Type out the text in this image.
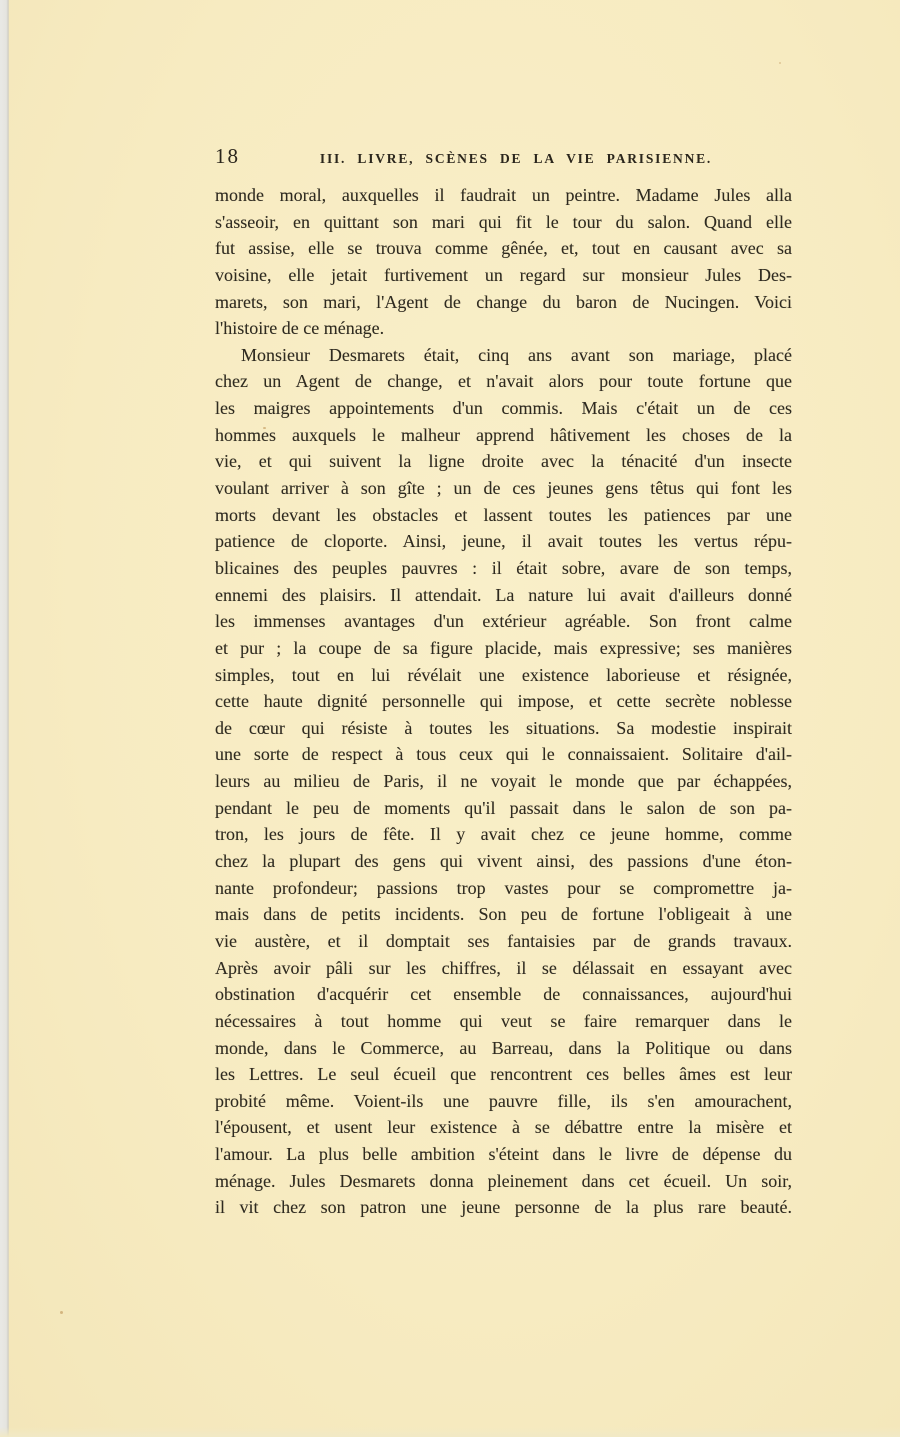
18	III. LIVRE, SCÈNES DE LA VIE PARISIENNE.
monde moral, auxquelles il faudrait un peintre. Madame Jules alla
s'asseoir, en quittant son mari qui fit le tour du salon. Quand elle
fut assise, elle se trouva comme gênée, et, tout en causant avec sa
voisine, elle jetait furtivement un regard sur monsieur Jules Des-
marets, son mari, l'Agent de change du baron de Nucingen. Voici
l'histoire de ce ménage.
Monsieur Desmarets était, cinq ans avant son mariage, placé
chez un Agent de change, et n'avait alors pour toute fortune que
les maigres appointements d'un commis. Mais c'était un de ces
hommes auxquels le malheur apprend hâtivement les choses de la
vie, et qui suivent la ligne droite avec la ténacité d'un insecte
voulant arriver à son gîte ; un de ces jeunes gens têtus qui font les
morts devant les obstacles et lassent toutes les patiences par une
patience de cloporte. Ainsi, jeune, il avait toutes les vertus répu-
blicaines des peuples pauvres : il était sobre, avare de son temps,
ennemi des plaisirs. Il attendait. La nature lui avait d'ailleurs donné
les immenses avantages d'un extérieur agréable. Son front calme
et pur ; la coupe de sa figure placide, mais expressive; ses manières
simples, tout en lui révélait une existence laborieuse et résignée,
cette haute dignité personnelle qui impose, et cette secrète noblesse
de cœur qui résiste à toutes les situations. Sa modestie inspirait
une sorte de respect à tous ceux qui le connaissaient. Solitaire d'ail-
leurs au milieu de Paris, il ne voyait le monde que par échappées,
pendant le peu de moments qu'il passait dans le salon de son pa-
tron, les jours de fête. Il y avait chez ce jeune homme, comme
chez la plupart des gens qui vivent ainsi, des passions d'une éton-
nante profondeur; passions trop vastes pour se compromettre ja-
mais dans de petits incidents. Son peu de fortune l'obligeait à une
vie austère, et il domptait ses fantaisies par de grands travaux.
Après avoir pâli sur les chiffres, il se délassait en essayant avec
obstination d'acquérir cet ensemble de connaissances, aujourd'hui
nécessaires à tout homme qui veut se faire remarquer dans le
monde, dans le Commerce, au Barreau, dans la Politique ou dans
les Lettres. Le seul écueil que rencontrent ces belles âmes est leur
probité même. Voient-ils une pauvre fille, ils s'en amourachent,
l'épousent, et usent leur existence à se débattre entre la misère et
l'amour. La plus belle ambition s'éteint dans le livre de dépense du
ménage. Jules Desmarets donna pleinement dans cet écueil. Un soir,
il vit chez son patron une jeune personne de la plus rare beauté.
